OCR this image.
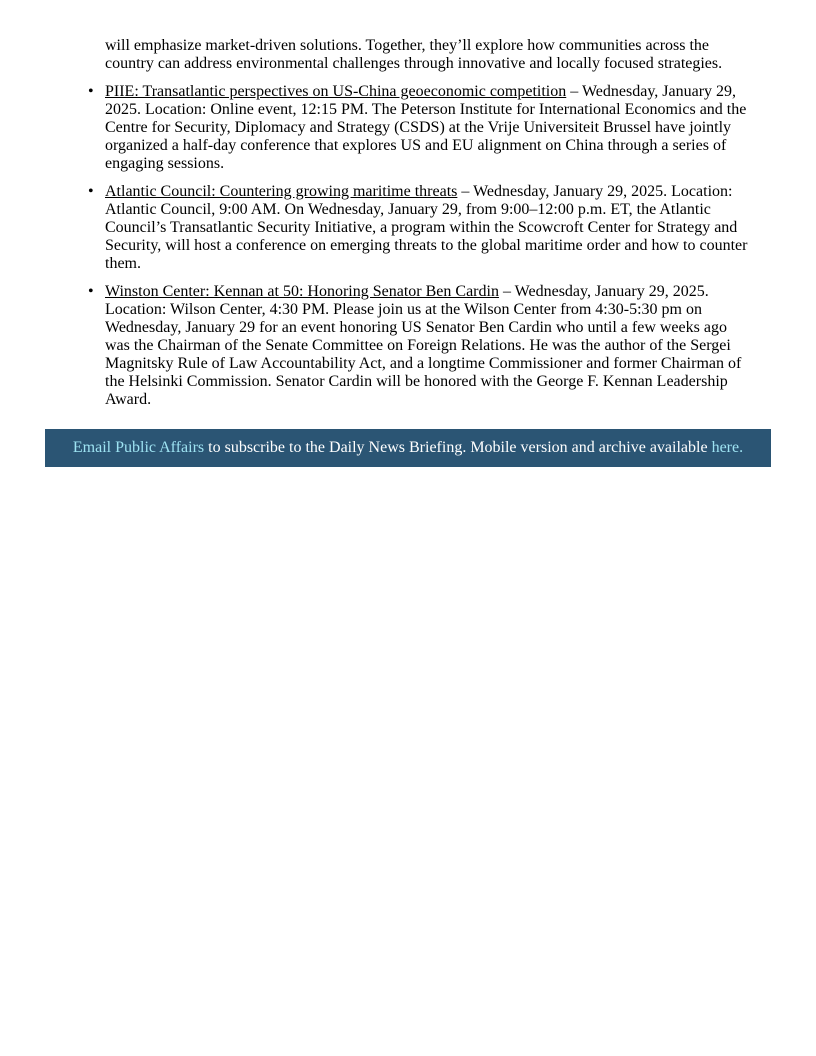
will emphasize market-driven solutions. Together, they’ll explore how communities across the country can address environmental challenges through innovative and locally focused strategies.
• PIIE: Transatlantic perspectives on US-China geoeconomic competition – Wednesday, January 29, 2025. Location: Online event, 12:15 PM. The Peterson Institute for International Economics and the Centre for Security, Diplomacy and Strategy (CSDS) at the Vrije Universiteit Brussel have jointly organized a half-day conference that explores US and EU alignment on China through a series of engaging sessions.
• Atlantic Council: Countering growing maritime threats – Wednesday, January 29, 2025. Location: Atlantic Council, 9:00 AM. On Wednesday, January 29, from 9:00–12:00 p.m. ET, the Atlantic Council’s Transatlantic Security Initiative, a program within the Scowcroft Center for Strategy and Security, will host a conference on emerging threats to the global maritime order and how to counter them.
• Winston Center: Kennan at 50: Honoring Senator Ben Cardin – Wednesday, January 29, 2025. Location: Wilson Center, 4:30 PM. Please join us at the Wilson Center from 4:30-5:30 pm on Wednesday, January 29 for an event honoring US Senator Ben Cardin who until a few weeks ago was the Chairman of the Senate Committee on Foreign Relations. He was the author of the Sergei Magnitsky Rule of Law Accountability Act, and a longtime Commissioner and former Chairman of the Helsinki Commission. Senator Cardin will be honored with the George F. Kennan Leadership Award.
Email Public Affairs to subscribe to the Daily News Briefing. Mobile version and archive available here.
